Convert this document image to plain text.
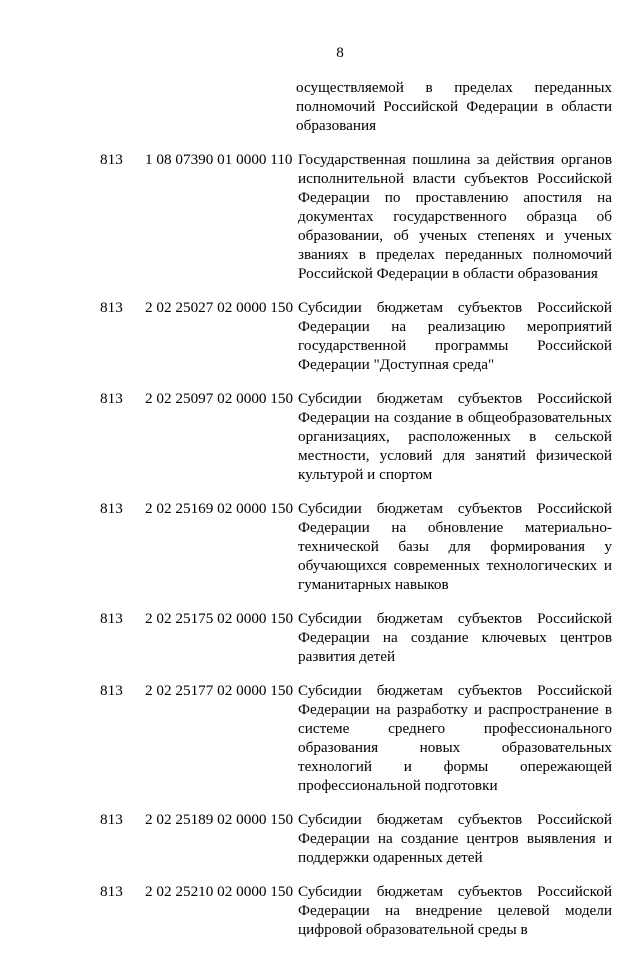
8
осуществляемой в пределах переданных полномочий Российской Федерации в области образования
813 1 08 07390 01 0000 110 Государственная пошлина за действия органов исполнительной власти субъектов Российской Федерации по проставлению апостиля на документах государственного образца об образовании, об ученых степенях и ученых званиях в пределах переданных полномочий Российской Федерации в области образования
813 2 02 25027 02 0000 150 Субсидии бюджетам субъектов Российской Федерации на реализацию мероприятий государственной программы Российской Федерации "Доступная среда"
813 2 02 25097 02 0000 150 Субсидии бюджетам субъектов Российской Федерации на создание в общеобразовательных организациях, расположенных в сельской местности, условий для занятий физической культурой и спортом
813 2 02 25169 02 0000 150 Субсидии бюджетам субъектов Российской Федерации на обновление материально-технической базы для формирования у обучающихся современных технологических и гуманитарных навыков
813 2 02 25175 02 0000 150 Субсидии бюджетам субъектов Российской Федерации на создание ключевых центров развития детей
813 2 02 25177 02 0000 150 Субсидии бюджетам субъектов Российской Федерации на разработку и распространение в системе среднего профессионального образования новых образовательных технологий и формы опережающей профессиональной подготовки
813 2 02 25189 02 0000 150 Субсидии бюджетам субъектов Российской Федерации на создание центров выявления и поддержки одаренных детей
813 2 02 25210 02 0000 150 Субсидии бюджетам субъектов Российской Федерации на внедрение целевой модели цифровой образовательной среды в
